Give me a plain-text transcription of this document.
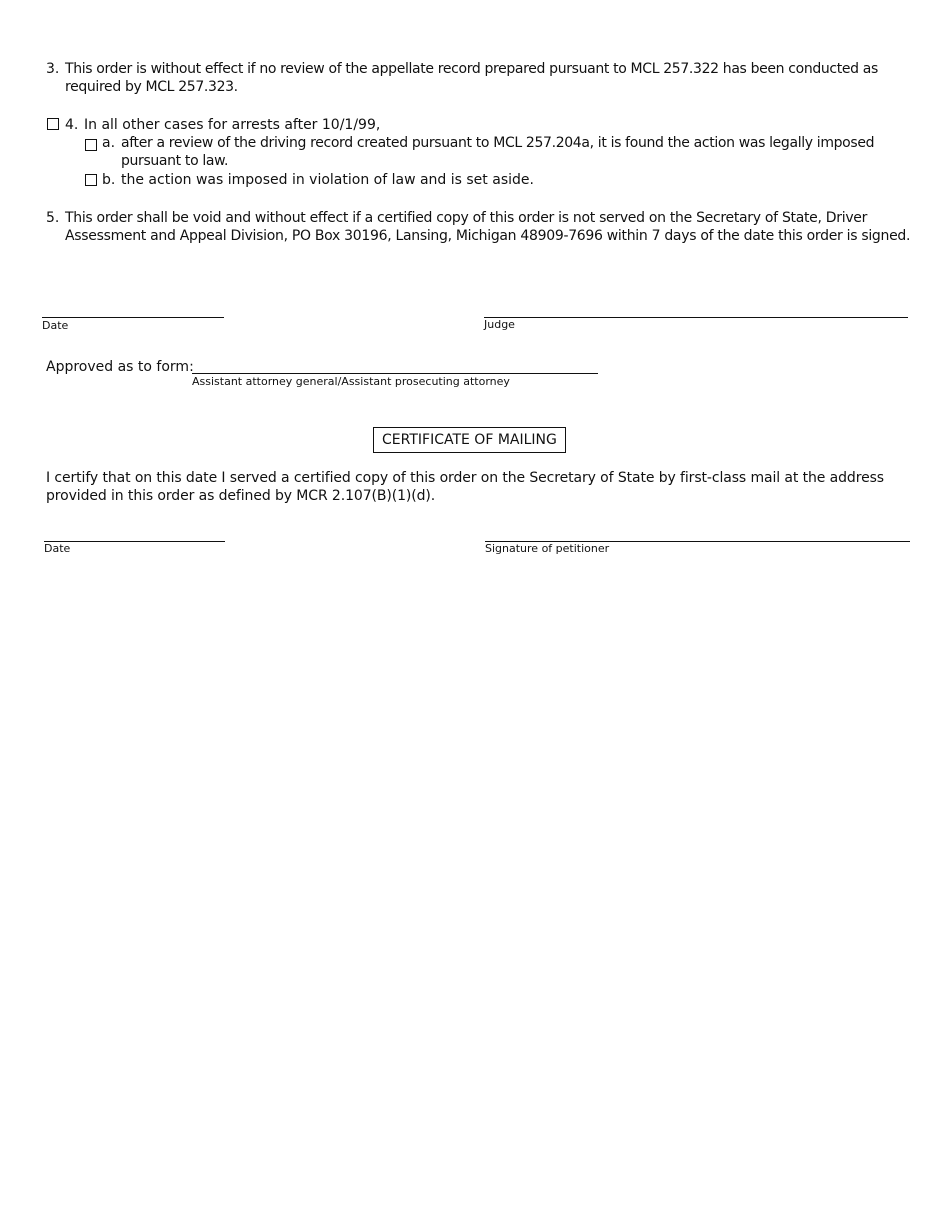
3. This order is without effect if no review of the appellate record prepared pursuant to MCL 257.322 has been conducted as required by MCL 257.323.
4. In all other cases for arrests after 10/1/99,
a. after a review of the driving record created pursuant to MCL 257.204a, it is found the action was legally imposed pursuant to law.
b. the action was imposed in violation of law and is set aside.
5. This order shall be void and without effect if a certified copy of this order is not served on the Secretary of State, Driver Assessment and Appeal Division, PO Box 30196, Lansing, Michigan 48909-7696 within 7 days of the date this order is signed.
Date	Judge
Approved as to form:
Assistant attorney general/Assistant prosecuting attorney
CERTIFICATE OF MAILING
I certify that on this date I served a certified copy of this order on the Secretary of State by first-class mail at the address provided in this order as defined by MCR 2.107(B)(1)(d).
Date	Signature of petitioner
